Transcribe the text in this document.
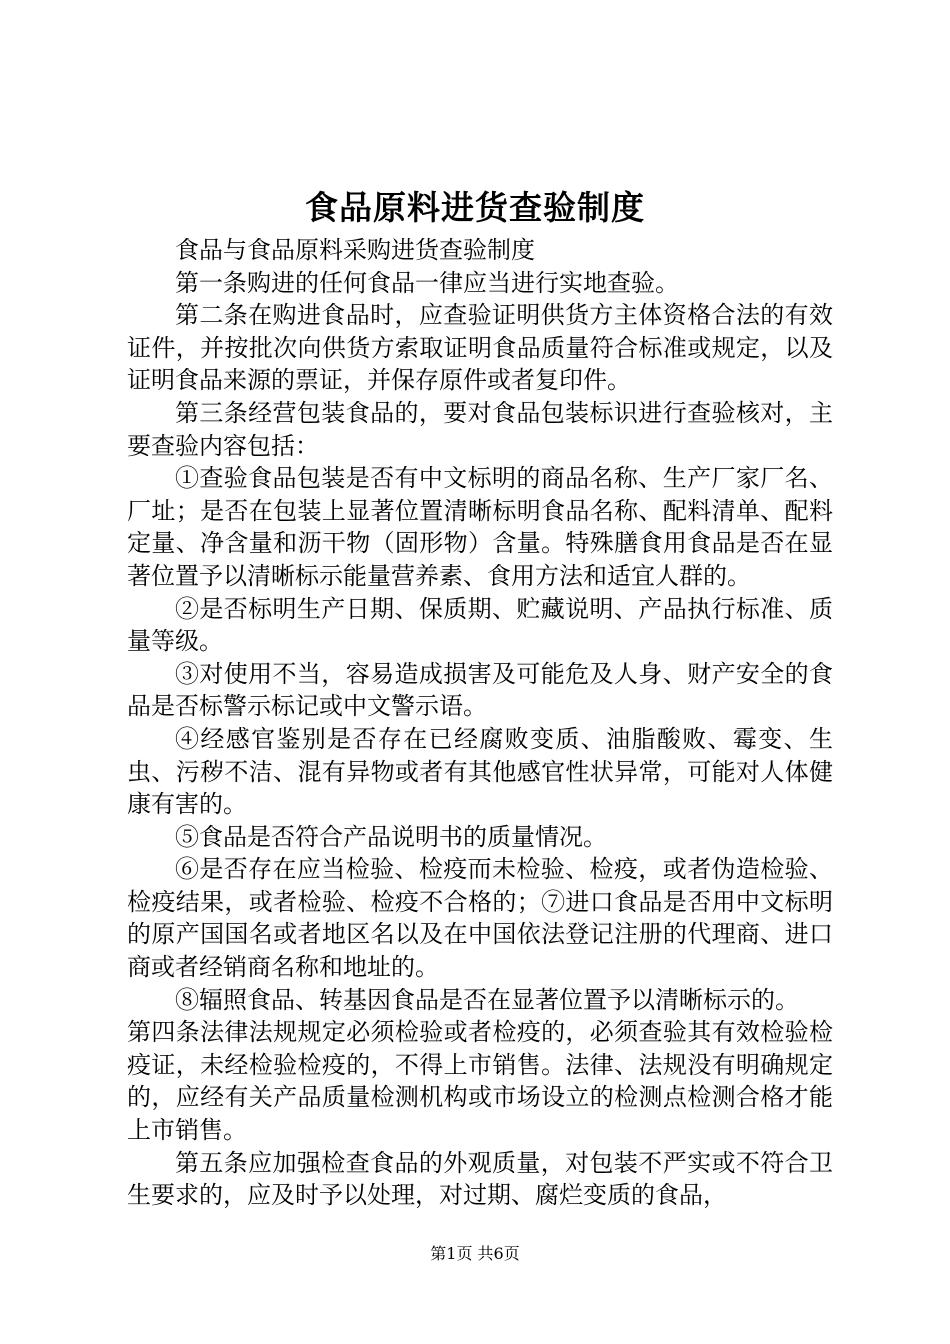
食品原料进货查验制度

食品与食品原料采购进货查验制度

第一条购进的任何食品一律应当进行实地查验。

第二条在购进食品时，应查验证明供货方主体资格合法的有效证件，并按批次向供货方索取证明食品质量符合标准或规定，以及证明食品来源的票证，并保存原件或者复印件。

第三条经营包装食品的，要对食品包装标识进行查验核对，主要查验内容包括：

①查验食品包装是否有中文标明的商品名称、生产厂家厂名、厂址；是否在包装上显著位置清晰标明食品名称、配料清单、配料定量、净含量和沥干物（固形物）含量。特殊膳食用食品是否在显著位置予以清晰标示能量营养素、食用方法和适宜人群的。

②是否标明生产日期、保质期、贮藏说明、产品执行标准、质量等级。

③对使用不当，容易造成损害及可能危及人身、财产安全的食品是否标警示标记或中文警示语。

④经感官鉴别是否存在已经腐败变质、油脂酸败、霉变、生虫、污秽不洁、混有异物或者有其他感官性状异常，可能对人体健康有害的。

⑤食品是否符合产品说明书的质量情况。

⑥是否存在应当检验、检疫而未检验、检疫，或者伪造检验、检疫结果，或者检验、检疫不合格的；⑦进口食品是否用中文标明的原产国国名或者地区名以及在中国依法登记注册的代理商、进口商或者经销商名称和地址的。

⑧辐照食品、转基因食品是否在显著位置予以清晰标示的。

第四条法律法规规定必须检验或者检疫的，必须查验其有效检验检疫证，未经检验检疫的，不得上市销售。法律、法规没有明确规定的，应经有关产品质量检测机构或市场设立的检测点检测合格才能上市销售。

第五条应加强检查食品的外观质量，对包装不严实或不符合卫生要求的，应及时予以处理，对过期、腐烂变质的食品，

第1页 共6页
